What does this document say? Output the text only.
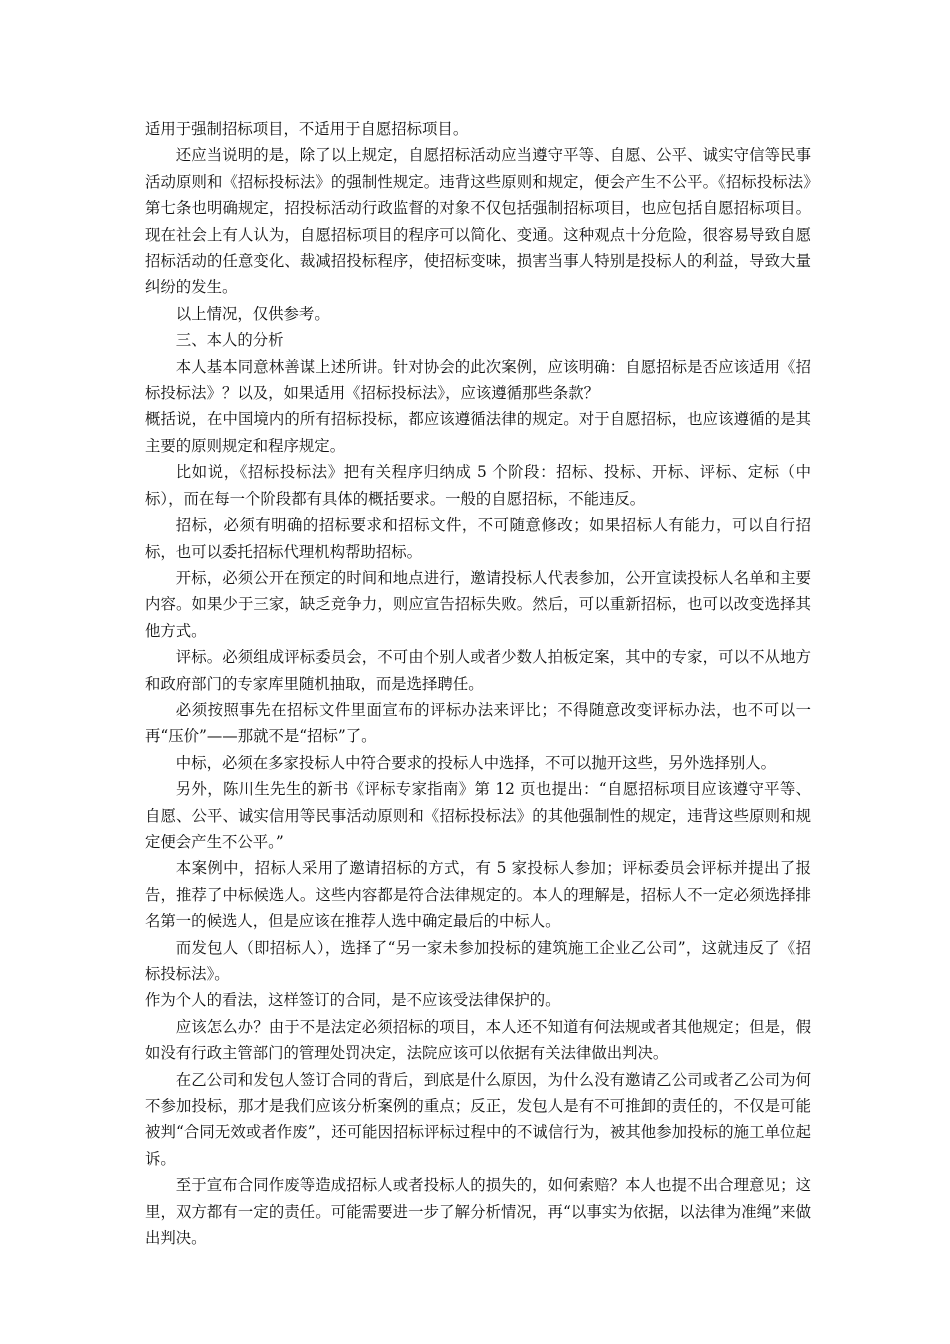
适用于强制招标项目，不适用于自愿招标项目。

还应当说明的是，除了以上规定，自愿招标活动应当遵守平等、自愿、公平、诚实守信等民事活动原则和《招标投标法》的强制性规定。违背这些原则和规定，便会产生不公平。《招标投标法》第七条也明确规定，招投标活动行政监督的对象不仅包括强制招标项目，也应包括自愿招标项目。现在社会上有人认为，自愿招标项目的程序可以简化、变通。这种观点十分危险，很容易导致自愿招标活动的任意变化、裁减招投标程序，使招标变味，损害当事人特别是投标人的利益，导致大量纠纷的发生。

以上情况，仅供参考。

三、本人的分析

本人基本同意林善谋上述所讲。针对协会的此次案例，应该明确：自愿招标是否应该适用《招标投标法》？以及，如果适用《招标投标法》，应该遵循那些条款？

概括说，在中国境内的所有招标投标，都应该遵循法律的规定。对于自愿招标，也应该遵循的是其主要的原则规定和程序规定。

比如说，《招标投标法》把有关程序归纳成 5 个阶段：招标、投标、开标、评标、定标（中标），而在每一个阶段都有具体的概括要求。一般的自愿招标，不能违反。

招标，必须有明确的招标要求和招标文件，不可随意修改；如果招标人有能力，可以自行招标，也可以委托招标代理机构帮助招标。

开标，必须公开在预定的时间和地点进行，邀请投标人代表参加，公开宣读投标人名单和主要内容。如果少于三家，缺乏竞争力，则应宣告招标失败。然后，可以重新招标，也可以改变选择其他方式。

评标。必须组成评标委员会，不可由个别人或者少数人拍板定案，其中的专家，可以不从地方和政府部门的专家库里随机抽取，而是选择聘任。

必须按照事先在招标文件里面宣布的评标办法来评比；不得随意改变评标办法，也不可以一再“压价”——那就不是“招标”了。

中标，必须在多家投标人中符合要求的投标人中选择，不可以抛开这些，另外选择别人。

另外，陈川生先生的新书《评标专家指南》第 12 页也提出：“自愿招标项目应该遵守平等、自愿、公平、诚实信用等民事活动原则和《招标投标法》的其他强制性的规定，违背这些原则和规定便会产生不公平。”

本案例中，招标人采用了邀请招标的方式，有 5 家投标人参加；评标委员会评标并提出了报告，推荐了中标候选人。这些内容都是符合法律规定的。本人的理解是，招标人不一定必须选择排名第一的候选人，但是应该在推荐人选中确定最后的中标人。

而发包人（即招标人），选择了“另一家未参加投标的建筑施工企业乙公司”，这就违反了《招标投标法》。

作为个人的看法，这样签订的合同，是不应该受法律保护的。

应该怎么办？由于不是法定必须招标的项目，本人还不知道有何法规或者其他规定；但是，假如没有行政主管部门的管理处罚决定，法院应该可以依据有关法律做出判决。

在乙公司和发包人签订合同的背后，到底是什么原因，为什么没有邀请乙公司或者乙公司为何不参加投标，那才是我们应该分析案例的重点；反正，发包人是有不可推卸的责任的，不仅是可能被判“合同无效或者作废”，还可能因招标评标过程中的不诚信行为，被其他参加投标的施工单位起诉。

至于宣布合同作废等造成招标人或者投标人的损失的，如何索赔？本人也提不出合理意见；这里，双方都有一定的责任。可能需要进一步了解分析情况，再“以事实为依据，以法律为准绳”来做出判决。
